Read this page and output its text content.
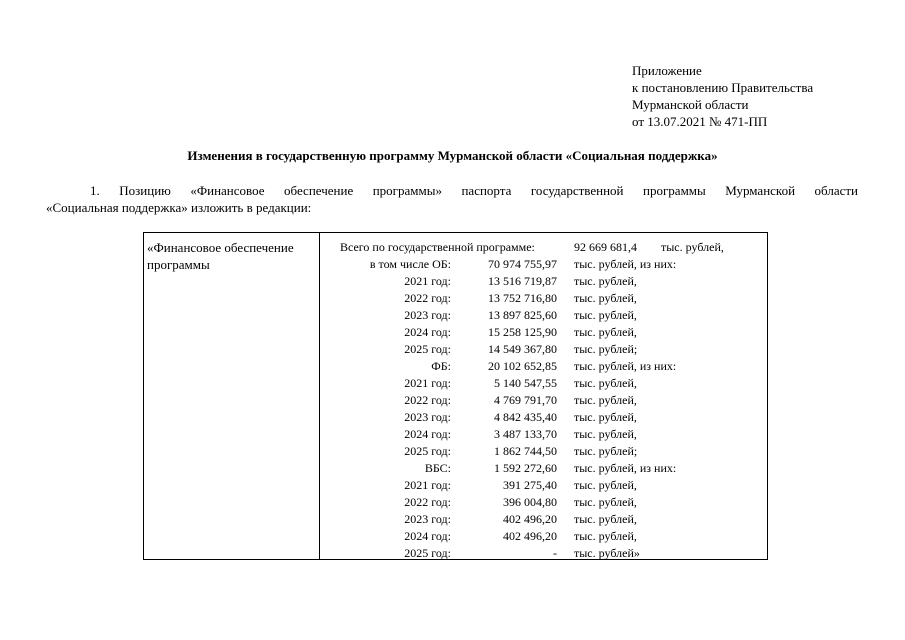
Приложение
к постановлению Правительства
Мурманской области
от 13.07.2021 № 471-ПП
Изменения в государственную программу Мурманской области «Социальная поддержка»
1. Позицию «Финансовое обеспечение программы» паспорта государственной программы Мурманской области
«Социальная поддержка» изложить в редакции:
«Финансовое обеспечение программы
Всего по государственной программе:	92 669 681,4 тыс. рублей,
в том числе ОБ:	70 974 755,97 тыс. рублей, из них:
2021 год:	13 516 719,87 тыс. рублей,
2022 год:	13 752 716,80 тыс. рублей,
2023 год:	13 897 825,60 тыс. рублей,
2024 год:	15 258 125,90 тыс. рублей,
2025 год:	14 549 367,80 тыс. рублей;
ФБ:	20 102 652,85 тыс. рублей, из них:
2021 год:	5 140 547,55 тыс. рублей,
2022 год:	4 769 791,70 тыс. рублей,
2023 год:	4 842 435,40 тыс. рублей,
2024 год:	3 487 133,70 тыс. рублей,
2025 год:	1 862 744,50 тыс. рублей;
ВБС:	1 592 272,60 тыс. рублей, из них:
2021 год:	391 275,40 тыс. рублей,
2022 год:	396 004,80 тыс. рублей,
2023 год:	402 496,20 тыс. рублей,
2024 год:	402 496,20 тыс. рублей,
2025 год:	- тыс. рублей»
